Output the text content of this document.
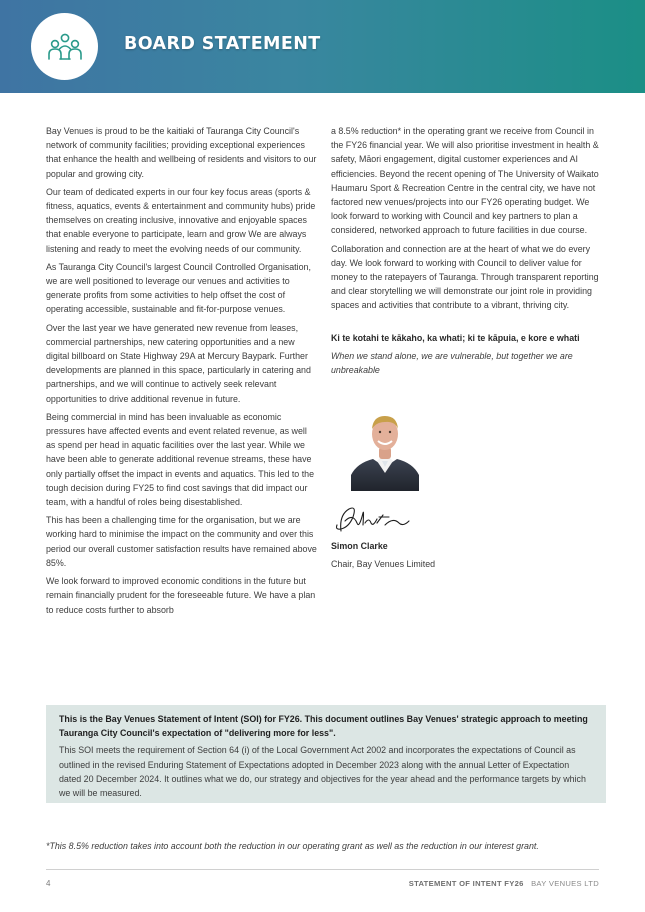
BOARD STATEMENT

Bay Venues is proud to be the kaitiaki of Tauranga City Council's network of community facilities; providing exceptional experiences that enhance the health and wellbeing of residents and visitors to our popular and growing city.

Our team of dedicated experts in our four key focus areas (sports & fitness, aquatics, events & entertainment and community hubs) pride themselves on creating inclusive, innovative and enjoyable spaces that enable everyone to participate, learn and grow We are always listening and ready to meet the evolving needs of our community.

As Tauranga City Council's largest Council Controlled Organisation, we are well positioned to leverage our venues and activities to generate profits from some activities to help offset the cost of operating accessible, sustainable and fit-for-purpose venues.

Over the last year we have generated new revenue from leases, commercial partnerships, new catering opportunities and a new digital billboard on State Highway 29A at Mercury Baypark. Further developments are planned in this space, particularly in catering and partnerships, and we will continue to actively seek relevant opportunities to drive additional revenue in future.

Being commercial in mind has been invaluable as economic pressures have affected events and event related revenue, as well as spend per head in aquatic facilities over the last year. While we have been able to generate additional revenue streams, these have only partially offset the impact in events and aquatics. This led to the tough decision during FY25 to find cost savings that did impact our team, with a handful of roles being disestablished.

This has been a challenging time for the organisation, but we are working hard to minimise the impact on the community and over this period our overall customer satisfaction results have remained above 85%.

We look forward to improved economic conditions in the future but remain financially prudent for the foreseeable future. We have a plan to reduce costs further to absorb

a 8.5% reduction* in the operating grant we receive from Council in the FY26 financial year. We will also prioritise investment in health & safety, Māori engagement, digital customer experiences and AI efficiencies. Beyond the recent opening of The University of Waikato Haumaru Sport & Recreation Centre in the central city, we have not factored new venues/projects into our FY26 operating budget. We look forward to working with Council and key partners to plan a considered, networked approach to future facilities in due course.

Collaboration and connection are at the heart of what we do every day. We look forward to working with Council to deliver value for money to the ratepayers of Tauranga. Through transparent reporting and clear storytelling we will demonstrate our joint role in providing spaces and activities that contribute to a vibrant, thriving city.

Ki te kotahi te kākaho, ka whati; ki te kāpuia, e kore e whati

When we stand alone, we are vulnerable, but together we are unbreakable

Simon Clarke

Chair, Bay Venues Limited

This is the Bay Venues Statement of Intent (SOI) for FY26. This document outlines Bay Venues' strategic approach to meeting Tauranga City Council's expectation of "delivering more for less".

This SOI meets the requirement of Section 64 (i) of the Local Government Act 2002 and incorporates the expectations of Council as outlined in the revised Enduring Statement of Expectations adopted in December 2023 along with the annual Letter of Expectation dated 20 December 2024. It outlines what we do, our strategy and objectives for the year ahead and the performance targets by which we will be measured.

*This 8.5% reduction takes into account both the reduction in our operating grant as well as the reduction in our interest grant.
4	STATEMENT OF INTENT FY26 BAY VENUES LTD
